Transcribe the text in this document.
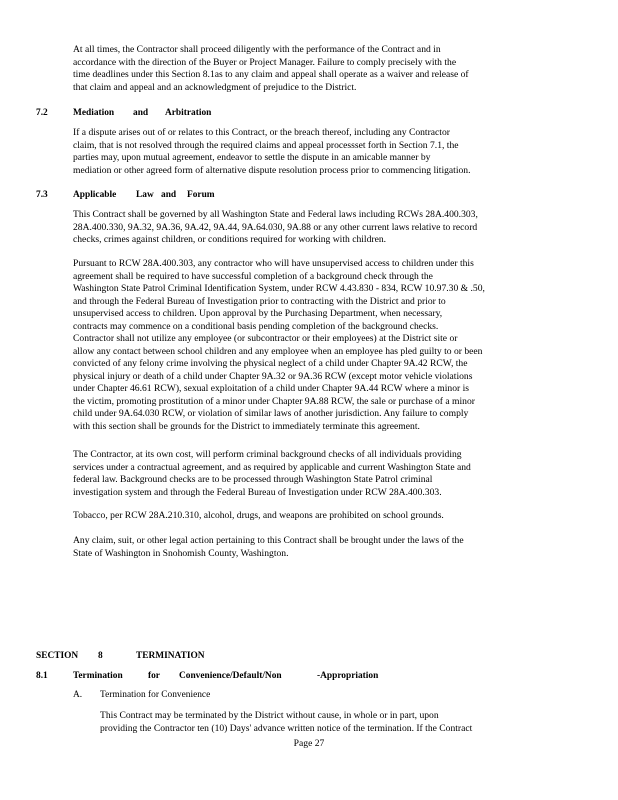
At all times, the Contractor shall proceed diligently with the performance of the Contract and in
accordance with the direction of the Buyer or Project Manager. Failure to comply precisely with the
time deadlines under this Section 8.1as to any claim and appeal shall operate as a waiver and release of
that claim and appeal and an acknowledgment of prejudice to the District.

7.2	Mediation and Arbitration

If a dispute arises out of or relates to this Contract, or the breach thereof, including any Contractor
claim, that is not resolved through the required claims and appeal processset forth in Section 7.1, the
parties may, upon mutual agreement, endeavor to settle the dispute in an amicable manner by
mediation or other agreed form of alternative dispute resolution process prior to commencing litigation.

7.3	Applicable Law and Forum

This Contract shall be governed by all Washington State and Federal laws including RCWs 28A.400.303,
28A.400.330, 9A.32, 9A.36, 9A.42, 9A.44, 9A.64.030, 9A.88 or any other current laws relative to record
checks, crimes against children, or conditions required for working with children.

Pursuant to RCW 28A.400.303, any contractor who will have unsupervised access to children under this
agreement shall be required to have successful completion of a background check through the
Washington State Patrol Criminal Identification System, under RCW 4.43.830 - 834, RCW 10.97.30 & .50,
and through the Federal Bureau of Investigation prior to contracting with the District and prior to
unsupervised access to children. Upon approval by the Purchasing Department, when necessary,
contracts may commence on a conditional basis pending completion of the background checks.
Contractor shall not utilize any employee (or subcontractor or their employees) at the District site or
allow any contact between school children and any employee when an employee has pled guilty to or been
convicted of any felony crime involving the physical neglect of a child under Chapter 9A.42 RCW, the
physical injury or death of a child under Chapter 9A.32 or 9A.36 RCW (except motor vehicle violations
under Chapter 46.61 RCW), sexual exploitation of a child under Chapter 9A.44 RCW where a minor is
the victim, promoting prostitution of a minor under Chapter 9A.88 RCW, the sale or purchase of a minor
child under 9A.64.030 RCW, or violation of similar laws of another jurisdiction. Any failure to comply
with this section shall be grounds for the District to immediately terminate this agreement.

The Contractor, at its own cost, will perform criminal background checks of all individuals providing
services under a contractual agreement, and as required by applicable and current Washington State and
federal law. Background checks are to be processed through Washington State Patrol criminal
investigation system and through the Federal Bureau of Investigation under RCW 28A.400.303.

Tobacco, per RCW 28A.210.310, alcohol, drugs, and weapons are prohibited on school grounds.

Any claim, suit, or other legal action pertaining to this Contract shall be brought under the laws of the
State of Washington in Snohomish County, Washington.

SECTION 8	TERMINATION
8.1	Termination	for Convenience/Default/Non	-Appropriation
A. Termination for Convenience

This Contract may be terminated by the District without cause, in whole or in part, upon
providing the Contractor ten (10) Days' advance written notice of the termination. If the Contract

Page 27
